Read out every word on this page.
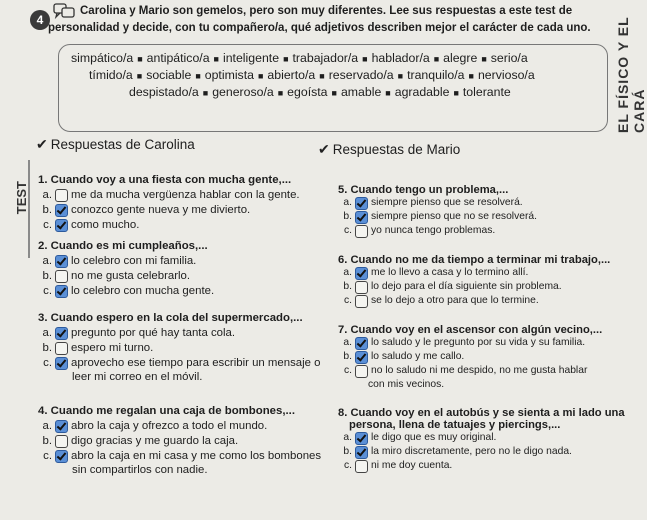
4
Carolina y Mario son gemelos, pero son muy diferentes. Lee sus respuestas a este test de
personalidad y decide, con tu compañero/a, qué adjetivos describen mejor el carácter de cada uno.	EL FÍSICO Y EL CARÁ
simpático/a ■ antipático/a ■ inteligente ■ trabajador/a ■ hablador/a ■ alegre ■ serio/a
tímido/a ■ sociable ■ optimista ■ abierto/a ■ reservado/a ■ tranquilo/a ■ nervioso/a
despistado/a ■ generoso/a ■ egoísta ■ amable ■ agradable ■ tolerante
✔ Respuestas de Carolina	✔ Respuestas de Mario
TEST
1. Cuando voy a una fiesta con mucha gente,...
a. me da mucha vergüenza hablar con la gente.
b. conozco gente nueva y me divierto.
c. como mucho.
2. Cuando es mi cumpleaños,...
a. lo celebro con mi familia.
b. no me gusta celebrarlo.
c. lo celebro con mucha gente.
3. Cuando espero en la cola del supermercado,...
a. pregunto por qué hay tanta cola.
b. espero mi turno.
c. aprovecho ese tiempo para escribir un mensaje o
leer mi correo en el móvil.
4. Cuando me regalan una caja de bombones,...
a. abro la caja y ofrezco a todo el mundo.
b. digo gracias y me guardo la caja.
c. abro la caja en mi casa y me como los bombones
sin compartirlos con nadie.
5. Cuando tengo un problema,...
a. siempre pienso que se resolverá.
b. siempre pienso que no se resolverá.
c. yo nunca tengo problemas.
6. Cuando no me da tiempo a terminar mi trabajo,...
a. me lo llevo a casa y lo termino allí.
b. lo dejo para el día siguiente sin problema.
c. se lo dejo a otro para que lo termine.
7. Cuando voy en el ascensor con algún vecino,...
a. lo saludo y le pregunto por su vida y su familia.
b. lo saludo y me callo.
c. no lo saludo ni me despido, no me gusta hablar
con mis vecinos.
8. Cuando voy en el autobús y se sienta a mi lado una
persona, llena de tatuajes y piercings,...
a. le digo que es muy original.
b. la miro discretamente, pero no le digo nada.
c. ni me doy cuenta.
